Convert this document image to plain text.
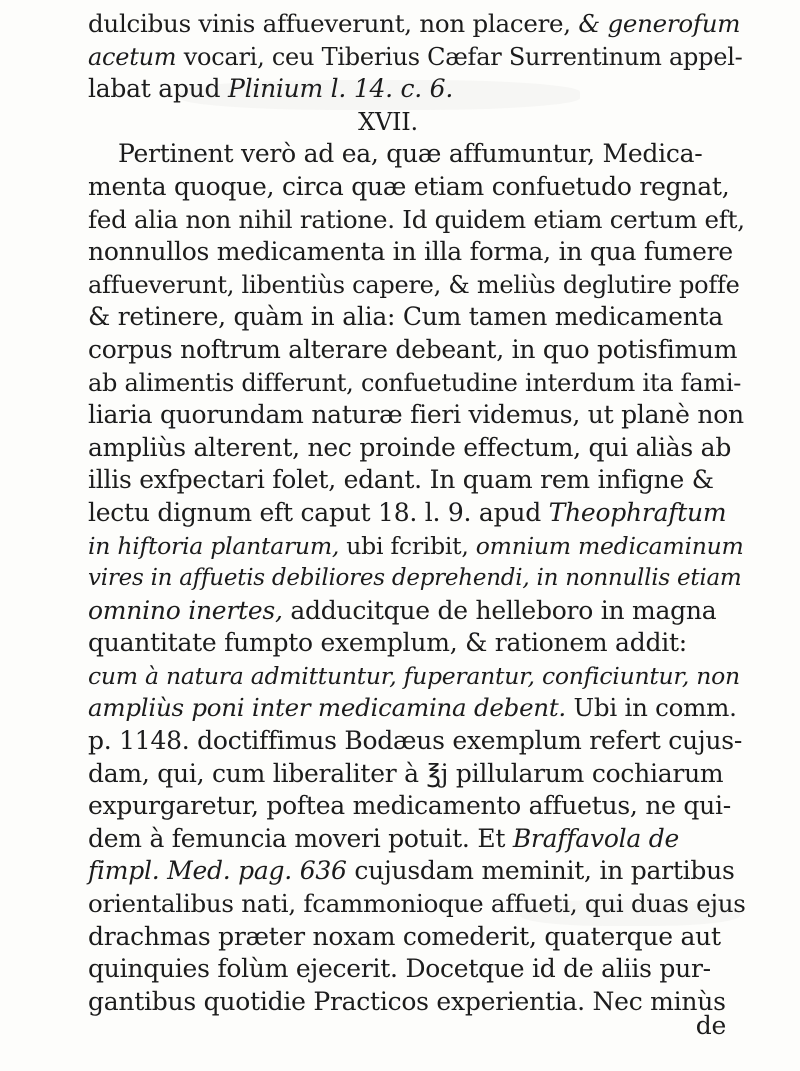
dulcibus vinis affueverunt, non placere, & generofum
acetum vocari, ceu Tiberius Cæfar Surrentinum appel-
labat apud Plinium l. 14. c. 6.
XVII.
Pertinent verò ad ea, quæ affumuntur, Medica-
menta quoque, circa quæ etiam confuetudo regnat,
fed alia non nihil ratione. Id quidem etiam certum eft,
nonnullos medicamenta in illa forma, in qua fumere
affueverunt, libentiùs capere, & meliùs deglutire poffe
& retinere, quàm in alia: Cum tamen medicamenta
corpus noftrum alterare debeant, in quo potisfimum
ab alimentis differunt, confuetudine interdum ita fami-
liaria quorundam naturæ fieri videmus, ut planè non
ampliùs alterent, nec proinde effectum, qui aliàs ab
illis exfpectari folet, edant. In quam rem infigne &
lectu dignum eft caput 18. l. 9. apud Theophraftum
in hiftoria plantarum, ubi fcribit, omnium medicaminum
vires in affuetis debiliores deprehendi, in nonnullis etiam
omnino inertes, adducitque de helleboro in magna
quantitate fumpto exemplum, & rationem addit:
cum à natura admittuntur, fuperantur, conficiuntur, non
ampliùs poni inter medicamina debent. Ubi in comm.
p. 1148. doctiffimus Bodæus exemplum refert cujus-
dam, qui, cum liberaliter à ℥j pillularum cochiarum
expurgaretur, poftea medicamento affuetus, ne qui-
dem à femuncia moveri potuit. Et Braffavola de
fimpl. Med. pag. 636 cujusdam meminit, in partibus
orientalibus nati, fcammonioque affueti, qui duas ejus
drachmas præter noxam comederit, quaterque aut
quinquies folùm ejecerit. Docetque id de aliis pur-
gantibus quotidie Practicos experientia. Nec minùs
de
